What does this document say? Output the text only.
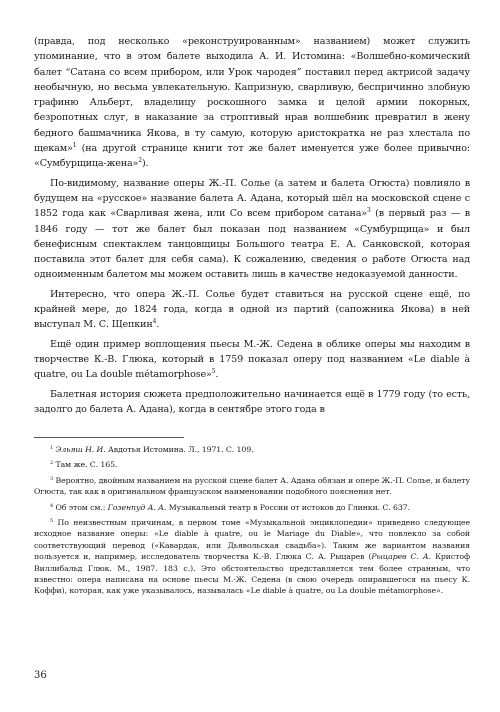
(правда, под несколько «реконструированным» названием) может служить упоминание, что в этом балете выходила А. И. Истомина: «Волшебно-комический балет “Сатана со всем прибором, или Урок чародея” поставил перед актрисой задачу необычную, но весьма увлекательную. Капризную, сварливую, беспричинно злобную графиню Альберт, владелицу роскошного замка и целой армии покорных, безропотных слуг, в наказание за строптивый нрав волшебник превратил в жену бедного башмачника Якова, в ту самую, которую аристократка не раз хлестала по щекам»$^1$ (на другой странице книги тот же балет именуется уже более привычно: «Сумбурщица-жена»$^2$).

По-видимому, название оперы Ж.-П. Солье (а затем и балета Огюста) повлияло в будущем на «русское» название балета А. Адана, который шёл на московской сцене с 1852 года как «Сварливая жена, или Со всем прибором сатана»$^3$ (в первый раз — в 1846 году — тот же балет был показан под названием «Сумбурщица» и был бенефисным спектаклем танцовщицы Большого театра Е. А. Санковской, которая поставила этот балет для себя сама). К сожалению, сведения о работе Огюста над одноименным балетом мы можем оставить лишь в качестве недоказуемой данности.

Интересно, что опера Ж.-П. Солье будет ставиться на русской сцене ещё, по крайней мере, до 1824 года, когда в одной из партий (сапожника Якова) в ней выступал М. С. Щепкин$^4$.

Ещё один пример воплощения пьесы М.-Ж. Седена в облике оперы мы находим в творчестве К.-В. Глюка, который в 1759 показал оперу под названием «Le diable à quatre, ou La double métamorphose»$^5$.

Балетная история сюжета предположительно начинается ещё в 1779 году (то есть, задолго до балета А. Адана), когда в сентябре этого года в

$^1$ Эльяш Н. И. Авдотья Истомина. Л., 1971. С. 109.

$^2$ Там же. С. 165.

$^3$ Вероятно, двойным названием на русской сцене балет А. Адана обязан и опере Ж.-П. Солье, и балету Огюста, так как в оригинальном французском наименовании подобного пояснения нет.

$^4$ Об этом см.: Гозенпуд А. А. Музыкальный театр в России от истоков до Глинки. С. 637.

$^5$ По неизвестным причинам, в первом томе «Музыкальной энциклопедии» приведено следующее исходное название оперы: «Le diable à quatre, ou le Mariage du Diable», что повлекло за собой соответствующий перевод («Кавардак, или Дьявольская свадьба»). Таким же вариантом названия пользуется и, например, исследователь творчества К.-В. Глюка С. А. Рыцарев (Рыцарев С. А. Кристоф Виллибальд Глюк. М., 1987. 183 с.). Это обстоятельство представляется тем более странным, что известно: опера написана на основе пьесы М.-Ж. Седена (в свою очередь опиравшегося на пьесу К. Коффи), которая, как уже указывалось, называлась «Le diable à quatre, ou La double métamorphose».

36
